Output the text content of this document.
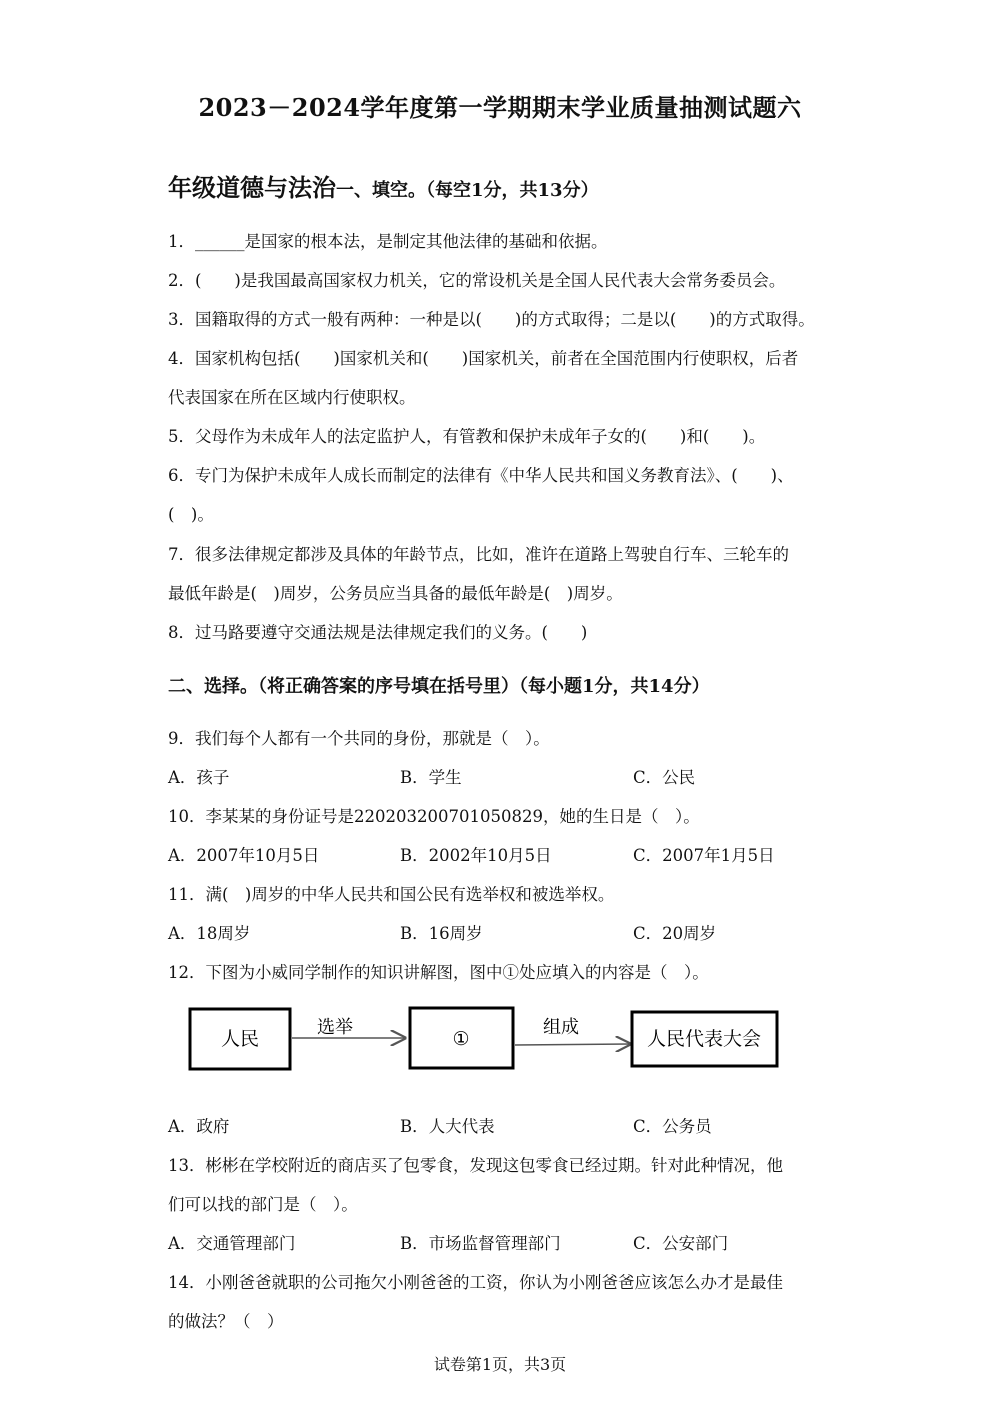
2023－2024学年度第一学期期末学业质量抽测试题六
年级道德与法治一、填空。（每空1分，共13分）
1．______是国家的根本法，是制定其他法律的基础和依据。
2．(　　)是我国最高国家权力机关，它的常设机关是全国人民代表大会常务委员会。
3．国籍取得的方式一般有两种：一种是以(　　)的方式取得；二是以(　　)的方式取得。
4．国家机构包括(　　)国家机关和(　　)国家机关，前者在全国范围内行使职权，后者
代表国家在所在区域内行使职权。
5．父母作为未成年人的法定监护人，有管教和保护未成年子女的(　　)和(　　)。
6．专门为保护未成年人成长而制定的法律有《中华人民共和国义务教育法》、(　　)、
(　)。
7．很多法律规定都涉及具体的年龄节点，比如，准许在道路上驾驶自行车、三轮车的
最低年龄是(　)周岁，公务员应当具备的最低年龄是(　)周岁。
8．过马路要遵守交通法规是法律规定我们的义务。(　　)
二、选择。（将正确答案的序号填在括号里）（每小题1分，共14分）
9．我们每个人都有一个共同的身份，那就是（　）。
A．孩子	B．学生	C．公民
10．李某某的身份证号是220203200701050829，她的生日是（　）。
A．2007年10月5日	B．2002年10月5日	C．2007年1月5日
11．满(　)周岁的中华人民共和国公民有选举权和被选举权。
A．18周岁	B．16周岁	C．20周岁
12．下图为小威同学制作的知识讲解图，图中①处应填入的内容是（　）。
人民
选举
①
组成
人民代表大会
A．政府	B．人大代表	C．公务员
13．彬彬在学校附近的商店买了包零食，发现这包零食已经过期。针对此种情况，他
们可以找的部门是（　）。
A．交通管理部门	B．市场监督管理部门	C．公安部门
14．小刚爸爸就职的公司拖欠小刚爸爸的工资，你认为小刚爸爸应该怎么办才是最佳
的做法？（　）
试卷第1页，共3页
